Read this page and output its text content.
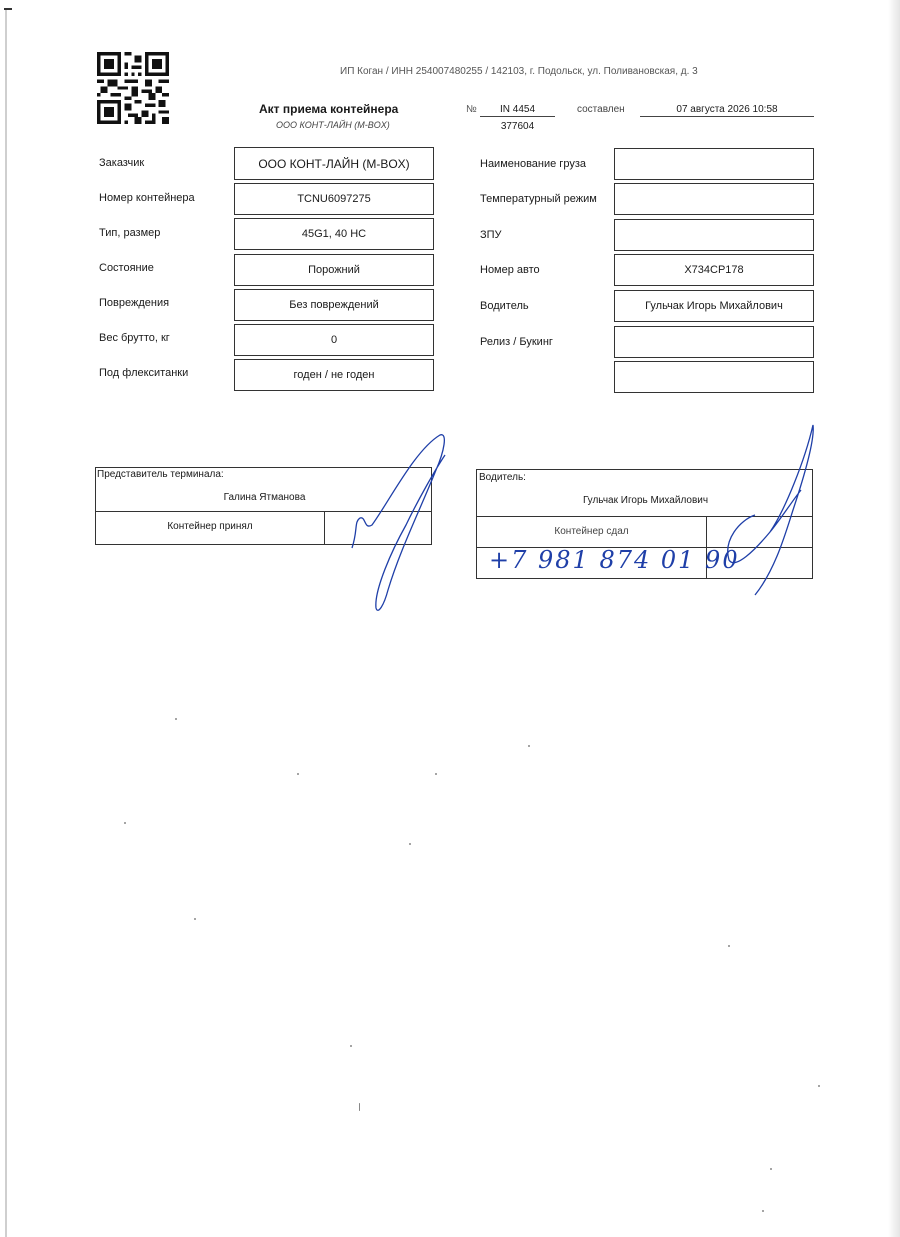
ИП Коган / ИНН 254007480255 / 142103, г. Подольск, ул. Поливановская, д. 3
Акт приема контейнера
ООО КОНТ-ЛАЙН (M-BOX)
№	IN 4454
377604
составлен	07 августа 2026 10:58
Заказчик	ООО КОНТ-ЛАЙН (M-BOX)
Номер контейнера	TCNU6097275
Тип, размер	45G1, 40 HC
Состояние	Порожний
Повреждения	Без повреждений
Вес брутто, кг	0
Под флекситанки	годен / не годен
Наименование груза
Температурный режим
ЗПУ
Номер авто	Х734СР178
Водитель	Гульчак Игорь Михайлович
Релиз / Букинг
Представитель терминала:
Галина Ятманова
Контейнер принял
Водитель:
Гульчак Игорь Михайлович
Контейнер сдал
+7 981 874 01 90
